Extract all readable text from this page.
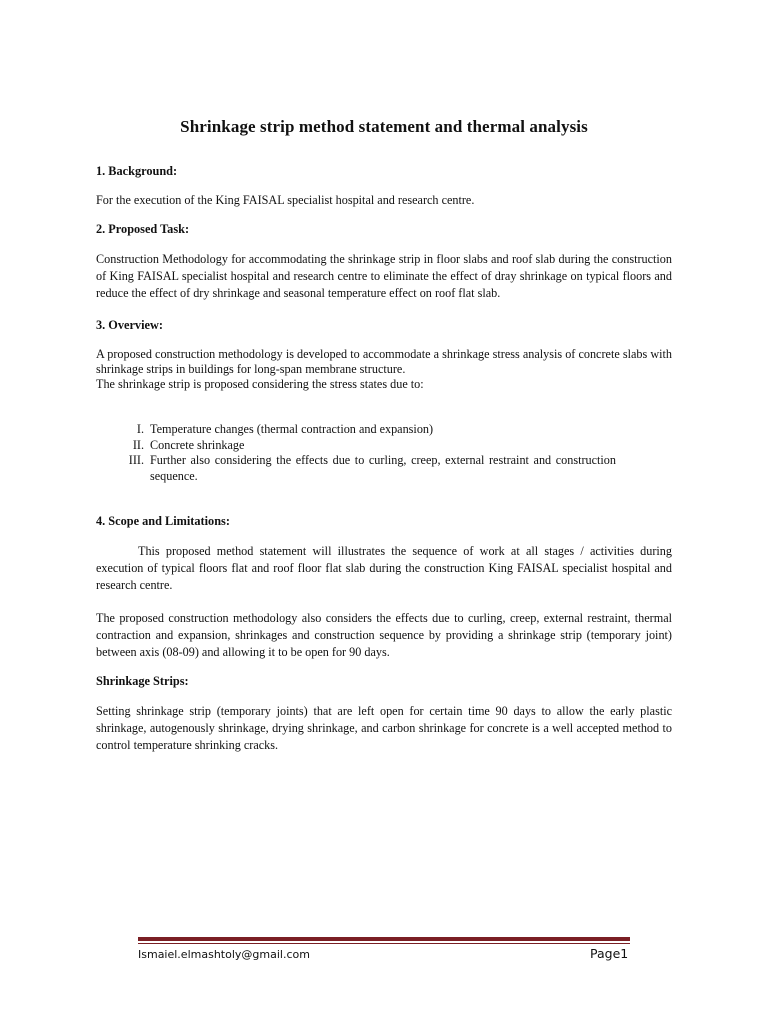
Shrinkage strip method statement and thermal analysis
1. Background:
For the execution of the King FAISAL specialist hospital and research centre.
2. Proposed Task:
Construction Methodology for accommodating the shrinkage strip in floor slabs and roof slab during the construction of King FAISAL specialist hospital and research centre to eliminate the effect of dray shrinkage on typical floors and reduce the effect of dry shrinkage and seasonal temperature effect on roof flat slab.
3. Overview:
A proposed construction methodology is developed to accommodate a shrinkage stress analysis of concrete slabs with shrinkage strips in buildings for long-span membrane structure.
The shrinkage strip is proposed considering the stress states due to:
I. Temperature changes (thermal contraction and expansion)
II. Concrete shrinkage
III. Further also considering the effects due to curling, creep, external restraint and construction sequence.
4. Scope and Limitations:
This proposed method statement will illustrates the sequence of work at all stages / activities during execution of typical floors flat and roof floor flat slab during the construction King FAISAL specialist hospital and research centre.
The proposed construction methodology also considers the effects due to curling, creep, external restraint, thermal contraction and expansion, shrinkages and construction sequence by providing a shrinkage strip (temporary joint) between axis (08-09) and allowing it to be open for 90 days.
Shrinkage Strips:
Setting shrinkage strip (temporary joints) that are left open for certain time 90 days to allow the early plastic shrinkage, autogenously shrinkage, drying shrinkage, and carbon shrinkage for concrete is a well accepted method to control temperature shrinking cracks.
Ismaiel.elmashtoly@gmail.com	Page1
